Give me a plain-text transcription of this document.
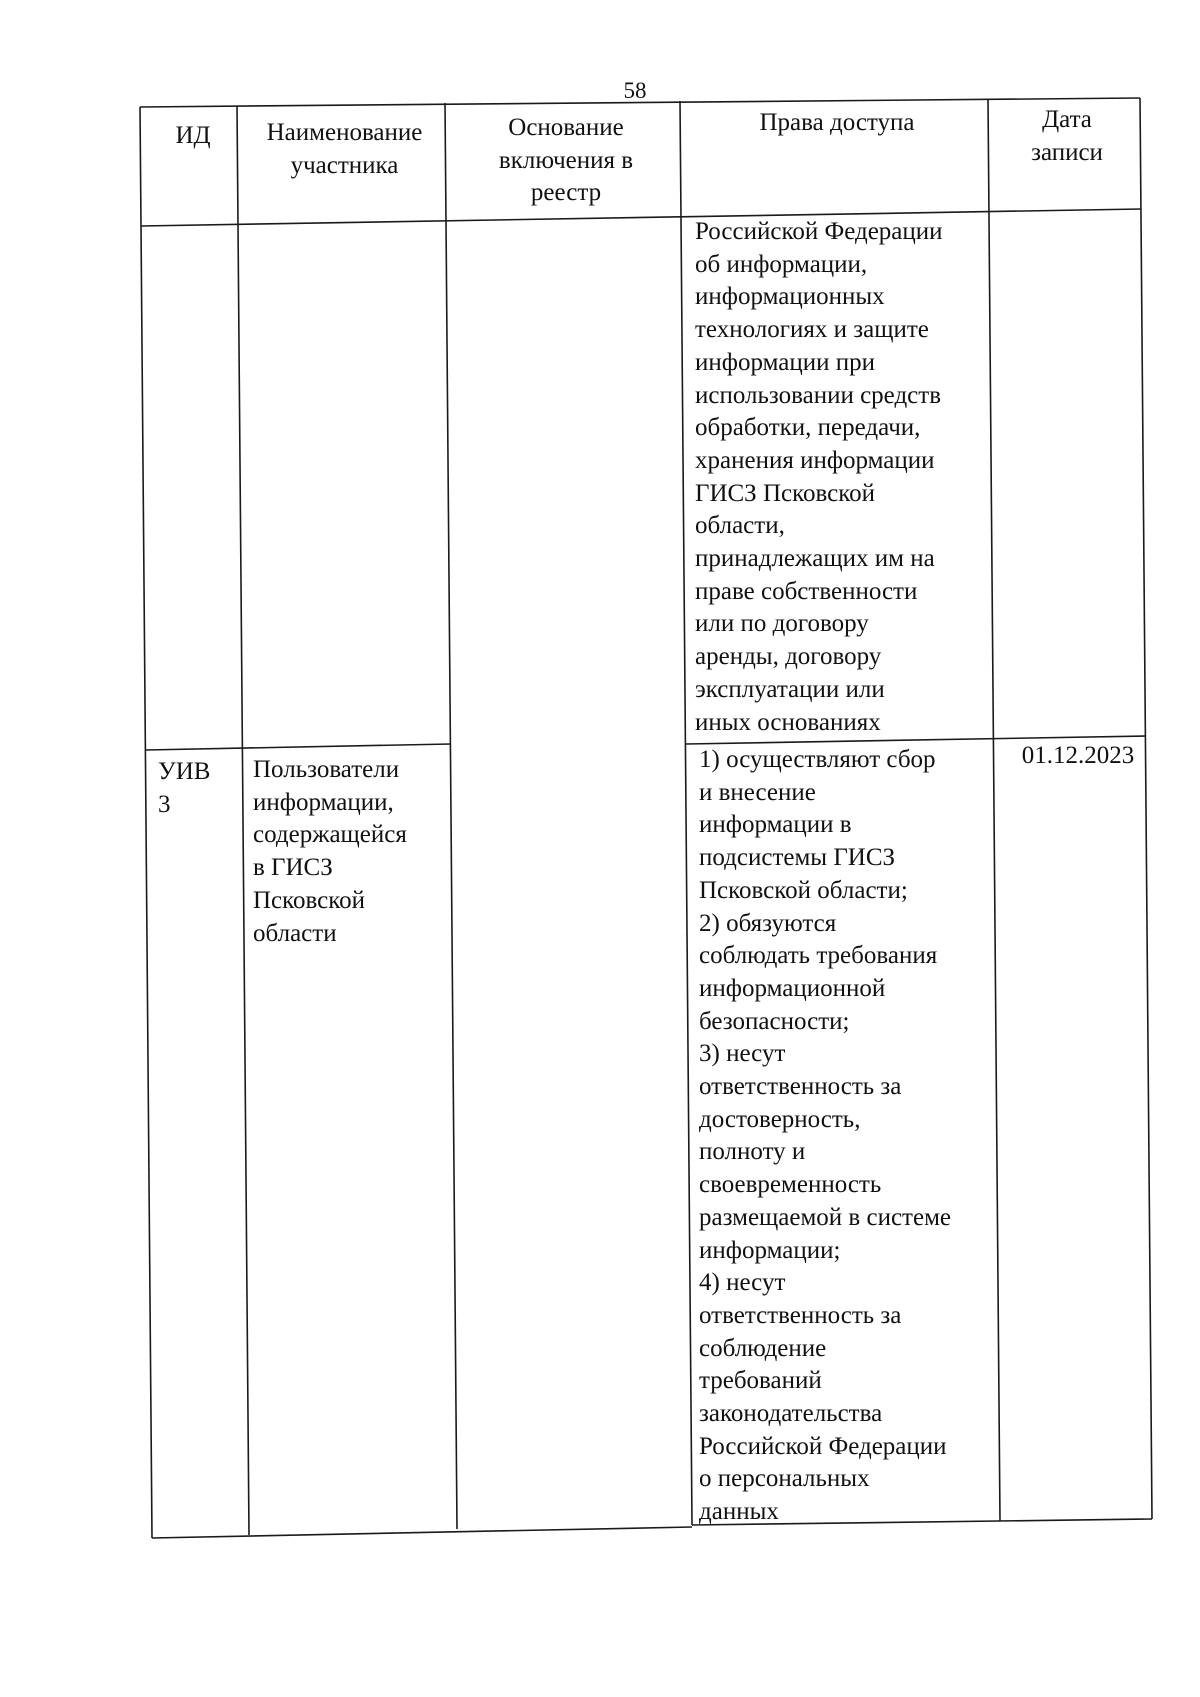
58
ИД	Наименование
участника
Основание
включения в
реестр
Права доступа	Дата
записи
Российской Федерации
об информации,
информационных
технологиях и защите
информации при
использовании средств
обработки, передачи,
хранения информации
ГИСЗ Псковской
области,
принадлежащих им на
праве собственности
или по договору
аренды, договору
эксплуатации или
иных основаниях
УИВ
3
Пользователи
информации,
содержащейся
в ГИСЗ
Псковской
области
1) осуществляют сбор
и внесение
информации в
подсистемы ГИСЗ
Псковской области;
2) обязуются
соблюдать требования
информационной
безопасности;
3) несут
ответственность за
достоверность,
полноту и
своевременность
размещаемой в системе
информации;
4) несут
ответственность за
соблюдение
требований
законодательства
Российской Федерации
о персональных
данных
01.12.2023
